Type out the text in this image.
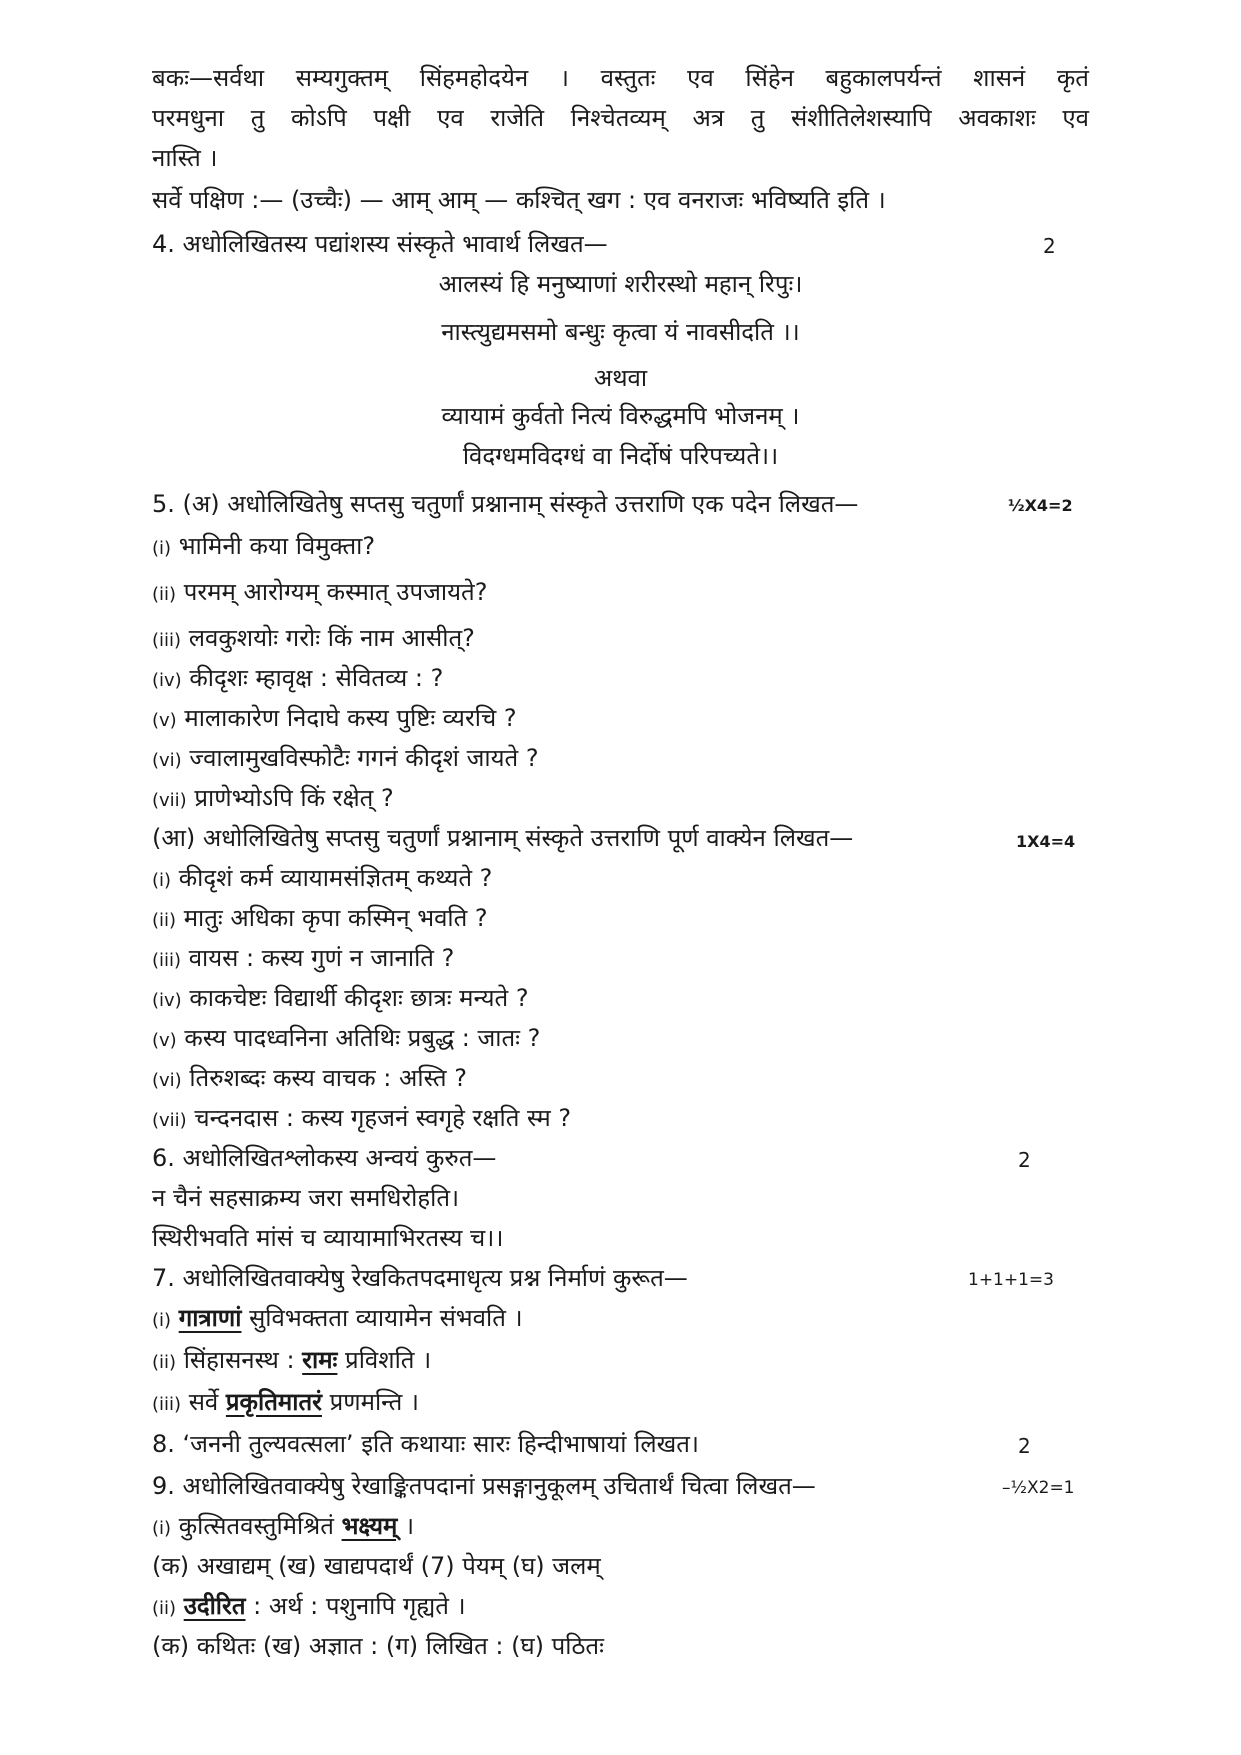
बकः—सर्वथा सम्यगुक्तम् सिंहमहोदयेन । वस्तुतः एव सिंहेन बहुकालपर्यन्तं शासनं कृतं

परमधुना तु कोऽपि पक्षी एव राजेति निश्चेतव्यम् अत्र तु संशीतिलेशस्यापि अवकाशः एव

नास्ति ।

सर्वे पक्षिण :— (उच्चैः) — आम् आम् — कश्चित् खग : एव वनराजः भविष्यति इति ।

4. अधोलिखितस्य पद्यांशस्य संस्कृते भावार्थ लिखत—	2

आलस्यं हि मनुष्याणां शरीरस्थो महान् रिपुः।

नास्त्युद्यमसमो बन्धुः कृत्वा यं नावसीदति ।।

अथवा

व्यायामं कुर्वतो नित्यं विरुद्धमपि भोजनम् ।

विदग्धमविदग्धं वा निर्दोषं परिपच्यते।।

5. (अ) अधोलिखितेषु सप्तसु चतुर्णां प्रश्नानाम् संस्कृते उत्तराणि एक पदेन लिखत—	½X4=2

(i) भामिनी कया विमुक्ता?

(ii) परमम् आरोग्यम् कस्मात् उपजायते?

(iii) लवकुशयोः गरोः किं नाम आसीत्?

(iv) कीदृशः म्हावृक्ष : सेवितव्य : ?

(v) मालाकारेण निदाघे कस्य पुष्टिः व्यरचि ?

(vi) ज्वालामुखविस्फोटैः गगनं कीदृशं जायते ?

(vii) प्राणेभ्योऽपि किं रक्षेत् ?

(आ) अधोलिखितेषु सप्तसु चतुर्णां प्रश्नानाम् संस्कृते उत्तराणि पूर्ण वाक्येन लिखत—	1X4=4

(i) कीदृशं कर्म व्यायामसंज्ञितम् कथ्यते ?

(ii) मातुः अधिका कृपा कस्मिन् भवति ?

(iii) वायस : कस्य गुणं न जानाति ?

(iv) काकचेष्टः विद्यार्थी कीदृशः छात्रः मन्यते ?

(v) कस्य पादध्वनिना अतिथिः प्रबुद्ध : जातः ?

(vi) तिरुशब्दः कस्य वाचक : अस्ति ?

(vii) चन्दनदास : कस्य गृहजनं स्वगृहे रक्षति स्म ?

6. अधोलिखितश्लोकस्य अन्वयं कुरुत—	2

न चैनं सहसाक्रम्य जरा समधिरोहति।

स्थिरीभवति मांसं च व्यायामाभिरतस्य च।।

7. अधोलिखितवाक्येषु रेखकितपदमाधृत्य प्रश्न निर्माणं कुरूत—	1+1+1=3

(i) गात्राणां सुविभक्तता व्यायामेन संभवति ।

(ii) सिंहासनस्थ : रामः प्रविशति ।

(iii) सर्वे प्रकृतिमातरं प्रणमन्ति ।

8. ‘जननी तुल्यवत्सला’ इति कथायाः सारः हिन्दीभाषायां लिखत।	2

9. अधोलिखितवाक्येषु रेखाङ्कितपदानां प्रसङ्गानुकूलम् उचितार्थं चित्वा लिखत—	–½X2=1

(i) कुत्सितवस्तुमिश्रितं भक्ष्यम् ।

(क) अखाद्यम् (ख) खाद्यपदार्थं (7) पेयम् (घ) जलम्

(ii) उदीरित : अर्थ : पशुनापि गृह्यते ।

(क) कथितः (ख) अज्ञात : (ग) लिखित : (घ) पठितः
